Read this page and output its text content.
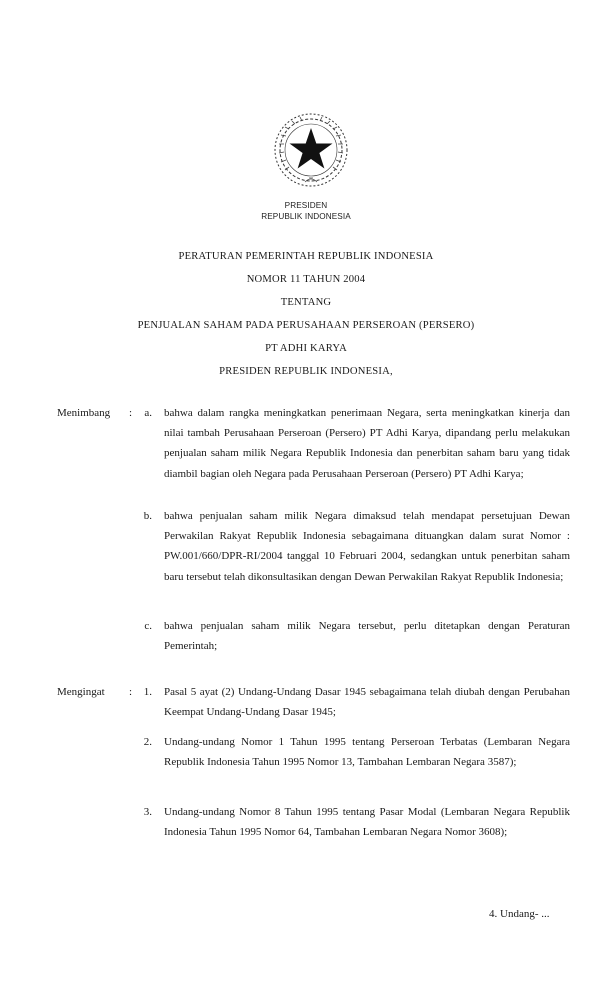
PRESIDEN
REPUBLIK INDONESIA
PERATURAN PEMERINTAH REPUBLIK INDONESIA
NOMOR 11 TAHUN 2004
TENTANG
PENJUALAN SAHAM PADA PERUSAHAAN PERSEROAN (PERSERO)
PT ADHI KARYA
PRESIDEN REPUBLIK INDONESIA,
Menimbang :	a. bahwa dalam rangka meningkatkan penerimaan Negara, serta meningkatkan kinerja dan nilai tambah Perusahaan Perseroan (Persero) PT Adhi Karya, dipandang perlu melakukan penjualan saham milik Negara Republik Indonesia dan penerbitan saham baru yang tidak diambil bagian oleh Negara pada Perusahaan Perseroan (Persero) PT Adhi Karya;
b. bahwa penjualan saham milik Negara dimaksud telah mendapat persetujuan Dewan Perwakilan Rakyat Republik Indonesia sebagaimana dituangkan dalam surat Nomor : PW.001/660/DPR-RI/2004 tanggal 10 Februari 2004, sedangkan untuk penerbitan saham baru tersebut telah dikonsultasikan dengan Dewan Perwakilan Rakyat Republik Indonesia;
c. bahwa penjualan saham milik Negara tersebut, perlu ditetapkan dengan Peraturan Pemerintah;
Mengingat :	1. Pasal 5 ayat (2) Undang-Undang Dasar 1945 sebagaimana telah diubah dengan Perubahan Keempat Undang-Undang Dasar 1945;
2. Undang-undang Nomor 1 Tahun 1995 tentang Perseroan Terbatas (Lembaran Negara Republik Indonesia Tahun 1995 Nomor 13, Tambahan Lembaran Negara 3587);
3. Undang-undang Nomor 8 Tahun 1995 tentang Pasar Modal (Lembaran Negara Republik Indonesia Tahun 1995 Nomor 64, Tambahan Lembaran Negara Nomor 3608);
4. Undang- ...
